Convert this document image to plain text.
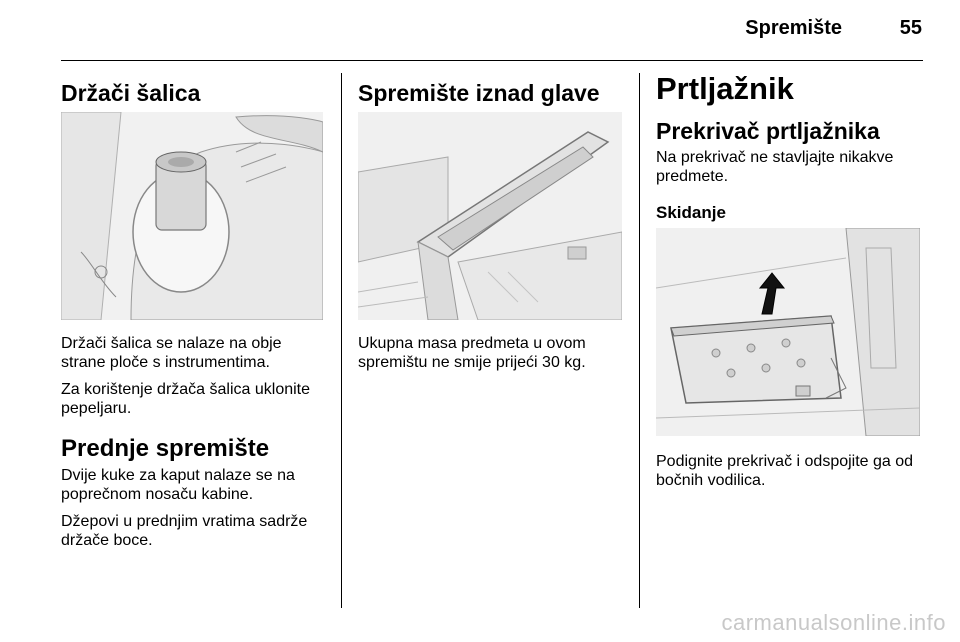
Spremište	55
Držači šalica

Držači šalica se nalaze na obje strane ploče s instrumentima.

Za korištenje držača šalica uklonite pepeljaru.

Prednje spremište

Dvije kuke za kaput nalaze se na poprečnom nosaču kabine.

Džepovi u prednjim vratima sadrže držače boce.

Spremište iznad glave

Ukupna masa predmeta u ovom spremištu ne smije prijeći 30 kg.

Prtljažnik
Prekrivač prtljažnika

Na prekrivač ne stavljajte nikakve predmete.

Skidanje

Podignite prekrivač i odspojite ga od bočnih vodilica.

carmanualsonline.info
